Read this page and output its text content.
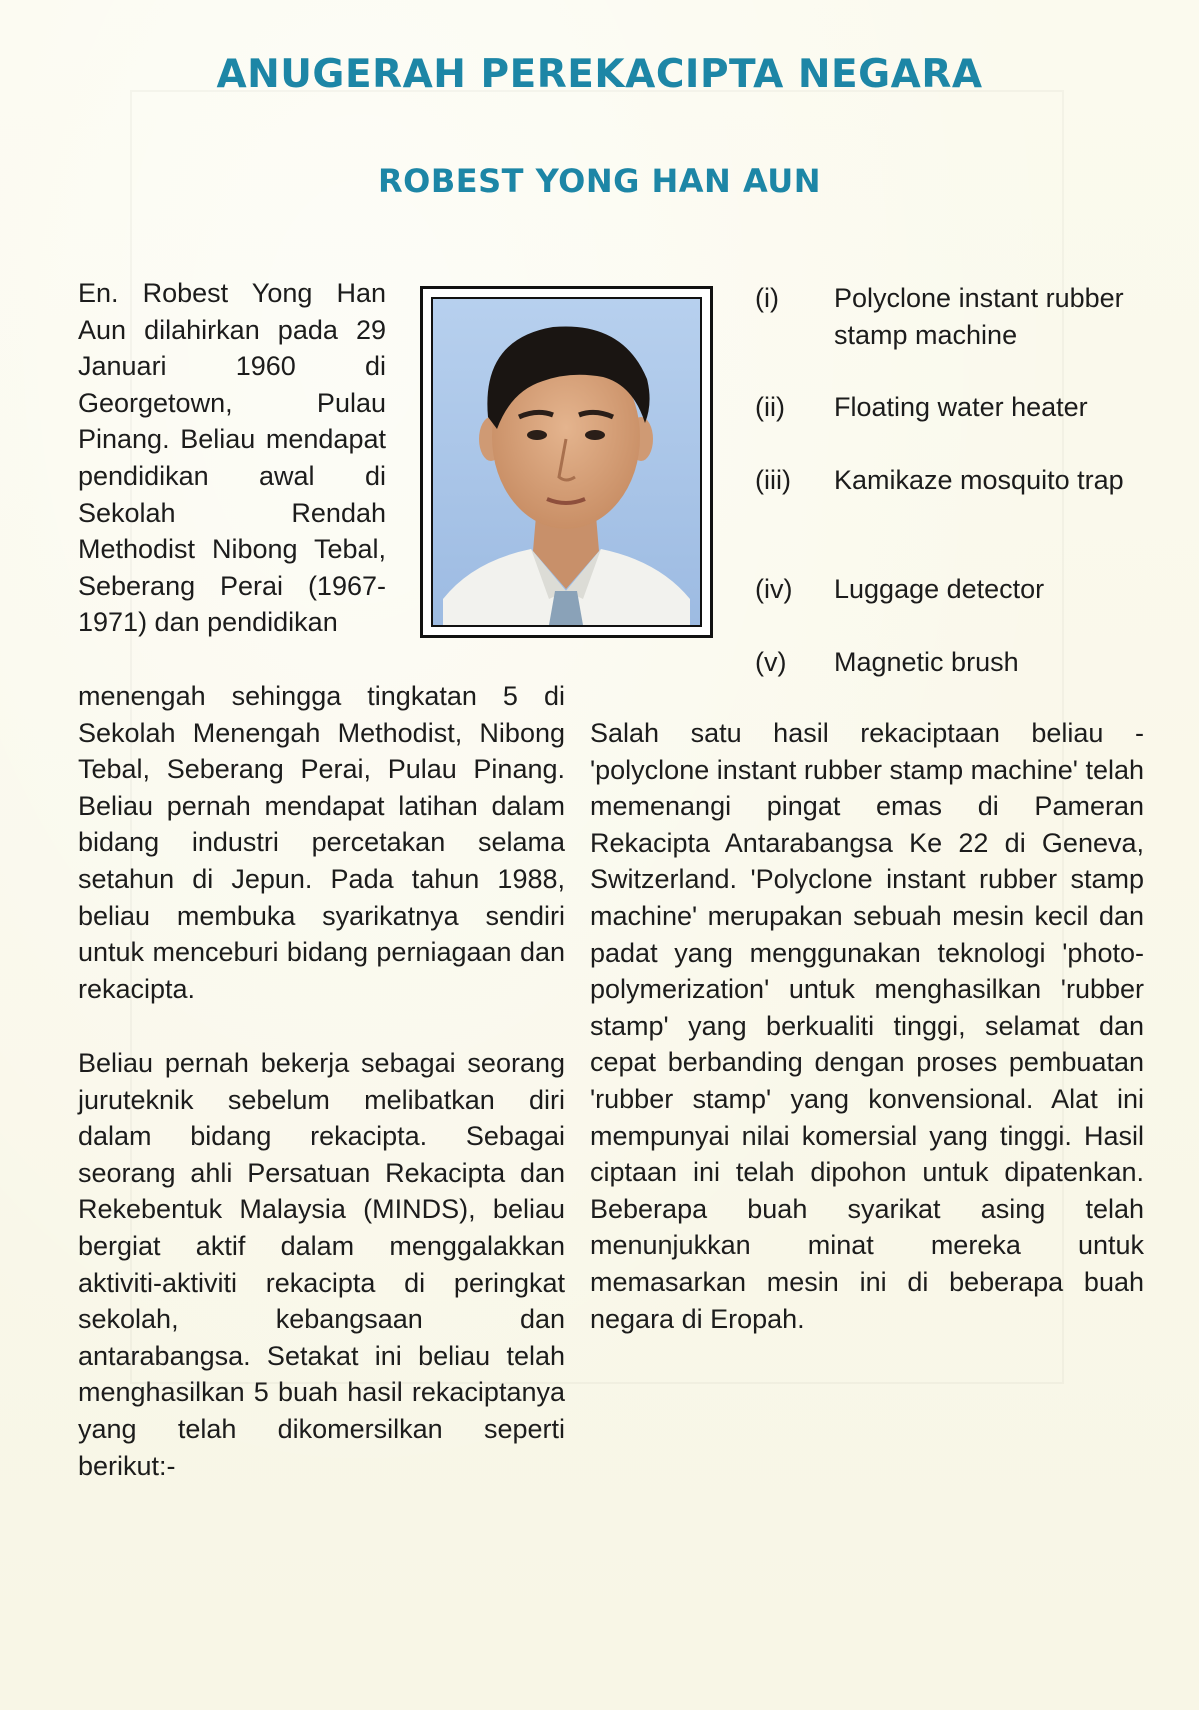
ANUGERAH PEREKACIPTA NEGARA
ROBEST YONG HAN AUN

En. Robest Yong Han Aun dilahirkan pada 29 Januari 1960 di Georgetown, Pulau Pinang. Beliau mendapat pendidikan awal di Sekolah Rendah Methodist Nibong Tebal, Seberang Perai (1967-1971) dan pendidikan

menengah sehingga tingkatan 5 di Sekolah Menengah Methodist, Nibong Tebal, Seberang Perai, Pulau Pinang. Beliau pernah mendapat latihan dalam bidang industri percetakan selama setahun di Jepun. Pada tahun 1988, beliau membuka syarikatnya sendiri untuk menceburi bidang perniagaan dan rekacipta.

Beliau pernah bekerja sebagai seorang juruteknik sebelum melibatkan diri dalam bidang rekacipta. Sebagai seorang ahli Persatuan Rekacipta dan Rekebentuk Malaysia (MINDS), beliau bergiat aktif dalam menggalakkan aktiviti-aktiviti rekacipta di peringkat sekolah, kebangsaan dan antarabangsa. Setakat ini beliau telah menghasilkan 5 buah hasil rekaciptanya yang telah dikomersilkan seperti berikut:-

(i)	Polyclone instant rubber stamp machine
(ii)	Floating water heater
(iii)	Kamikaze mosquito trap
(iv)	Luggage detector
(v)	Magnetic brush

Salah satu hasil rekaciptaan beliau - 'polyclone instant rubber stamp machine' telah memenangi pingat emas di Pameran Rekacipta Antarabangsa Ke 22 di Geneva, Switzerland. 'Polyclone instant rubber stamp machine' merupakan sebuah mesin kecil dan padat yang menggunakan teknologi 'photo-polymerization' untuk menghasilkan 'rubber stamp' yang berkualiti tinggi, selamat dan cepat berbanding dengan proses pembuatan 'rubber stamp' yang konvensional. Alat ini mempunyai nilai komersial yang tinggi. Hasil ciptaan ini telah dipohon untuk dipatenkan. Beberapa buah syarikat asing telah menunjukkan minat mereka untuk memasarkan mesin ini di beberapa buah negara di Eropah.
